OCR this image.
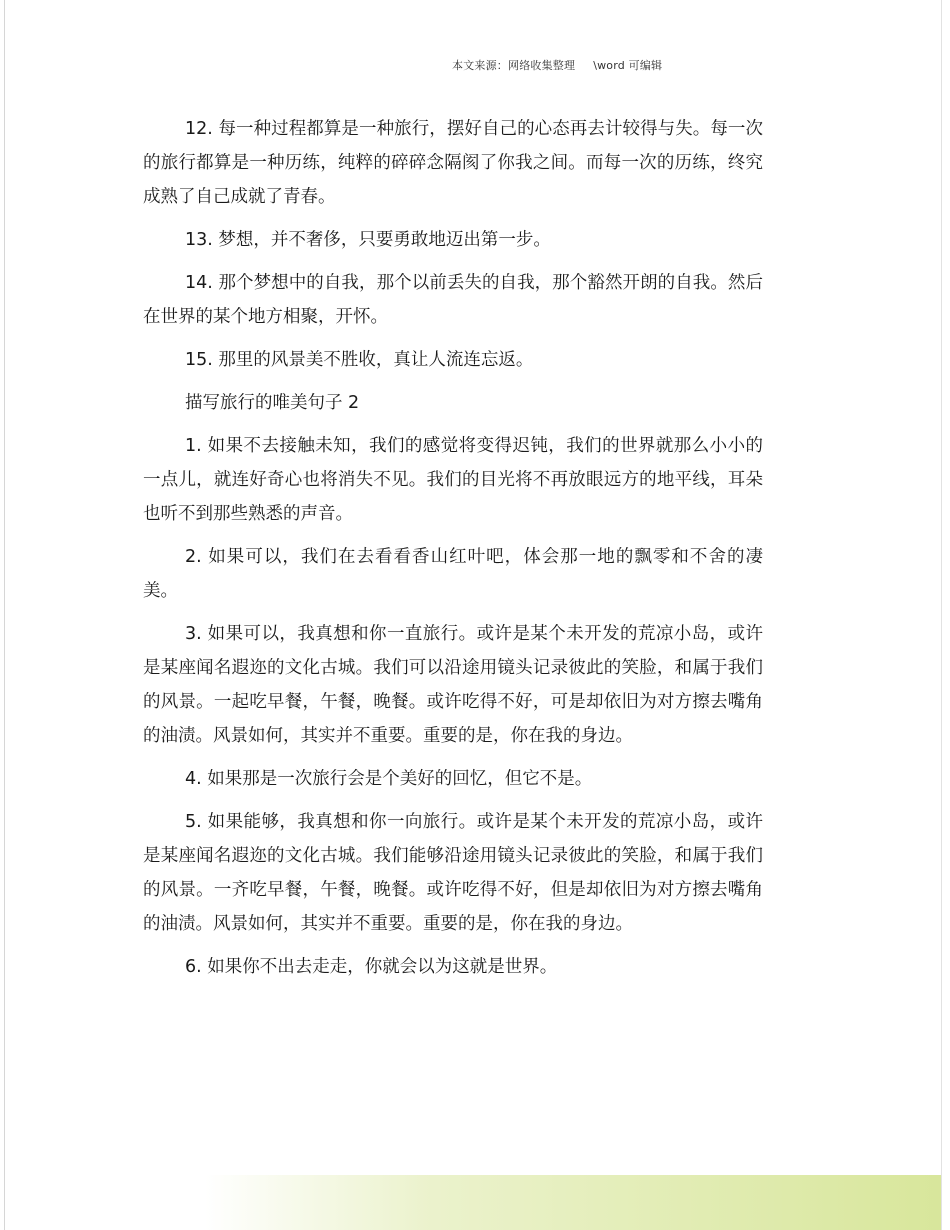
本文来源：网络收集整理 \word 可编辑

12. 每一种过程都算是一种旅行，摆好自己的心态再去计较得与失。每一次的旅行都算是一种历练，纯粹的碎碎念隔阂了你我之间。而每一次的历练，终究成熟了自己成就了青春。

13. 梦想，并不奢侈，只要勇敢地迈出第一步。

14. 那个梦想中的自我，那个以前丢失的自我，那个豁然开朗的自我。然后在世界的某个地方相聚，开怀。

15. 那里的风景美不胜收，真让人流连忘返。

描写旅行的唯美句子 2

1. 如果不去接触未知，我们的感觉将变得迟钝，我们的世界就那么小小的一点儿，就连好奇心也将消失不见。我们的目光将不再放眼远方的地平线，耳朵也听不到那些熟悉的声音。

2. 如果可以，我们在去看看香山红叶吧，体会那一地的飘零和不舍的凄美。

3. 如果可以，我真想和你一直旅行。或许是某个未开发的荒凉小岛，或许是某座闻名遐迩的文化古城。我们可以沿途用镜头记录彼此的笑脸，和属于我们的风景。一起吃早餐，午餐，晚餐。或许吃得不好，可是却依旧为对方擦去嘴角的油渍。风景如何，其实并不重要。重要的是，你在我的身边。

4. 如果那是一次旅行会是个美好的回忆，但它不是。

5. 如果能够，我真想和你一向旅行。或许是某个未开发的荒凉小岛，或许是某座闻名遐迩的文化古城。我们能够沿途用镜头记录彼此的笑脸，和属于我们的风景。一齐吃早餐，午餐，晚餐。或许吃得不好，但是却依旧为对方擦去嘴角的油渍。风景如何，其实并不重要。重要的是，你在我的身边。

6. 如果你不出去走走，你就会以为这就是世界。
